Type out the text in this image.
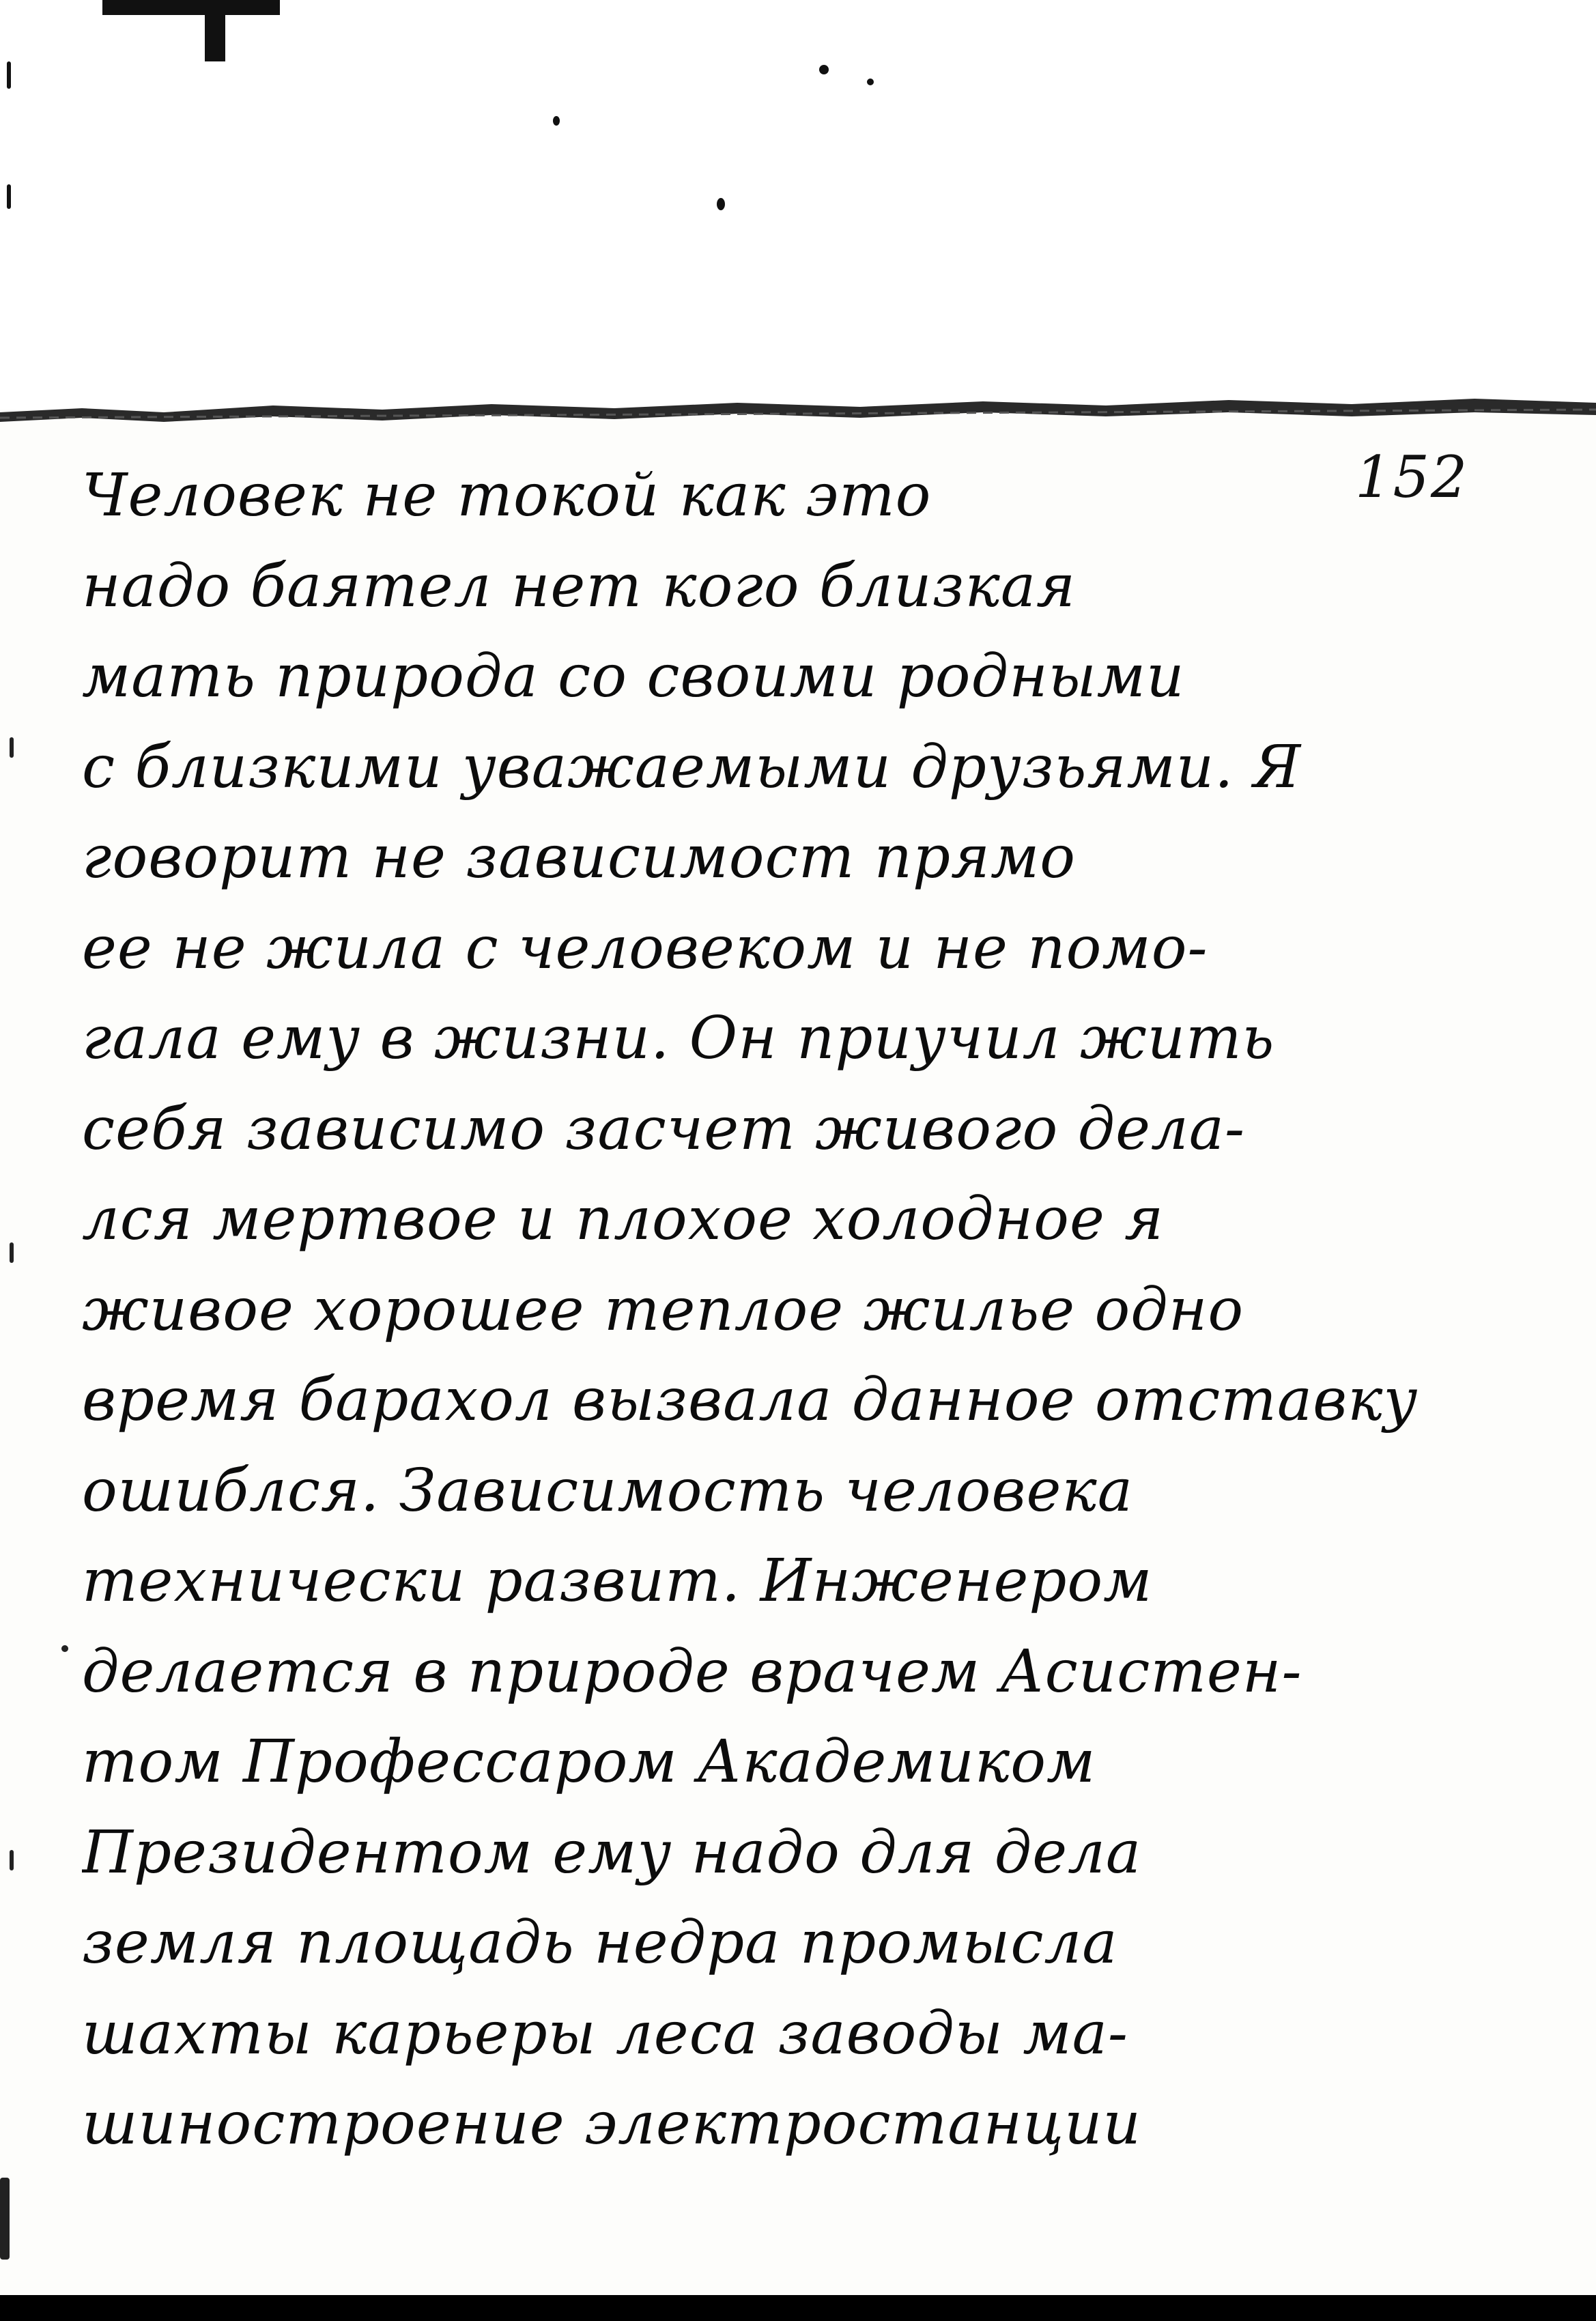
152
Человек не токой как это
надо баятел нет кого близкая
мать природа со своими родными
с близкими уважаемыми друзьями. Я
говорит не зависимост прямо
ее не жила с человеком и не помо-
гала ему в жизни. Он приучил жить
себя зависимо засчет живого дела-
лся мертвое и плохое холодное я
живое хорошее теплое жилье одно
время барахол вызвала данное отставку
ошиблся. Зависимость человека
технически развит. Инженером
делается в природе врачем Асистен-
том Профессаром Академиком
Президентом ему надо для дела
земля площадь недра промысла
шахты карьеры леса заводы ма-
шиностроение электростанции
